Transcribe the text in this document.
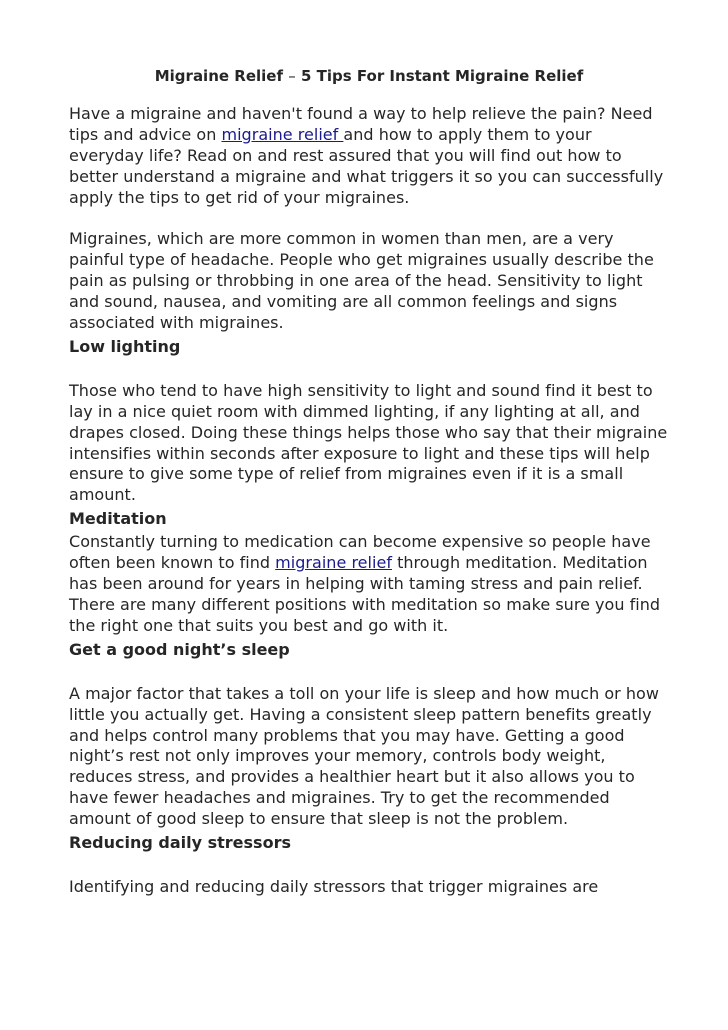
Migraine Relief – 5 Tips For Instant Migraine Relief

Have a migraine and haven't found a way to help relieve the pain? Need tips and advice on migraine relief and how to apply them to your everyday life? Read on and rest assured that you will find out how to better understand a migraine and what triggers it so you can successfully apply the tips to get rid of your migraines.

Migraines, which are more common in women than men, are a very painful type of headache. People who get migraines usually describe the pain as pulsing or throbbing in one area of the head. Sensitivity to light and sound, nausea, and vomiting are all common feelings and signs associated with migraines.

Low lighting

Those who tend to have high sensitivity to light and sound find it best to lay in a nice quiet room with dimmed lighting, if any lighting at all, and drapes closed. Doing these things helps those who say that their migraine intensifies within seconds after exposure to light and these tips will help ensure to give some type of relief from migraines even if it is a small amount.

Meditation

Constantly turning to medication can become expensive so people have often been known to find migraine relief through meditation. Meditation has been around for years in helping with taming stress and pain relief. There are many different positions with meditation so make sure you find the right one that suits you best and go with it.

Get a good night’s sleep

A major factor that takes a toll on your life is sleep and how much or how little you actually get. Having a consistent sleep pattern benefits greatly and helps control many problems that you may have. Getting a good night’s rest not only improves your memory, controls body weight, reduces stress, and provides a healthier heart but it also allows you to have fewer headaches and migraines. Try to get the recommended amount of good sleep to ensure that sleep is not the problem.

Reducing daily stressors

Identifying and reducing daily stressors that trigger migraines are
